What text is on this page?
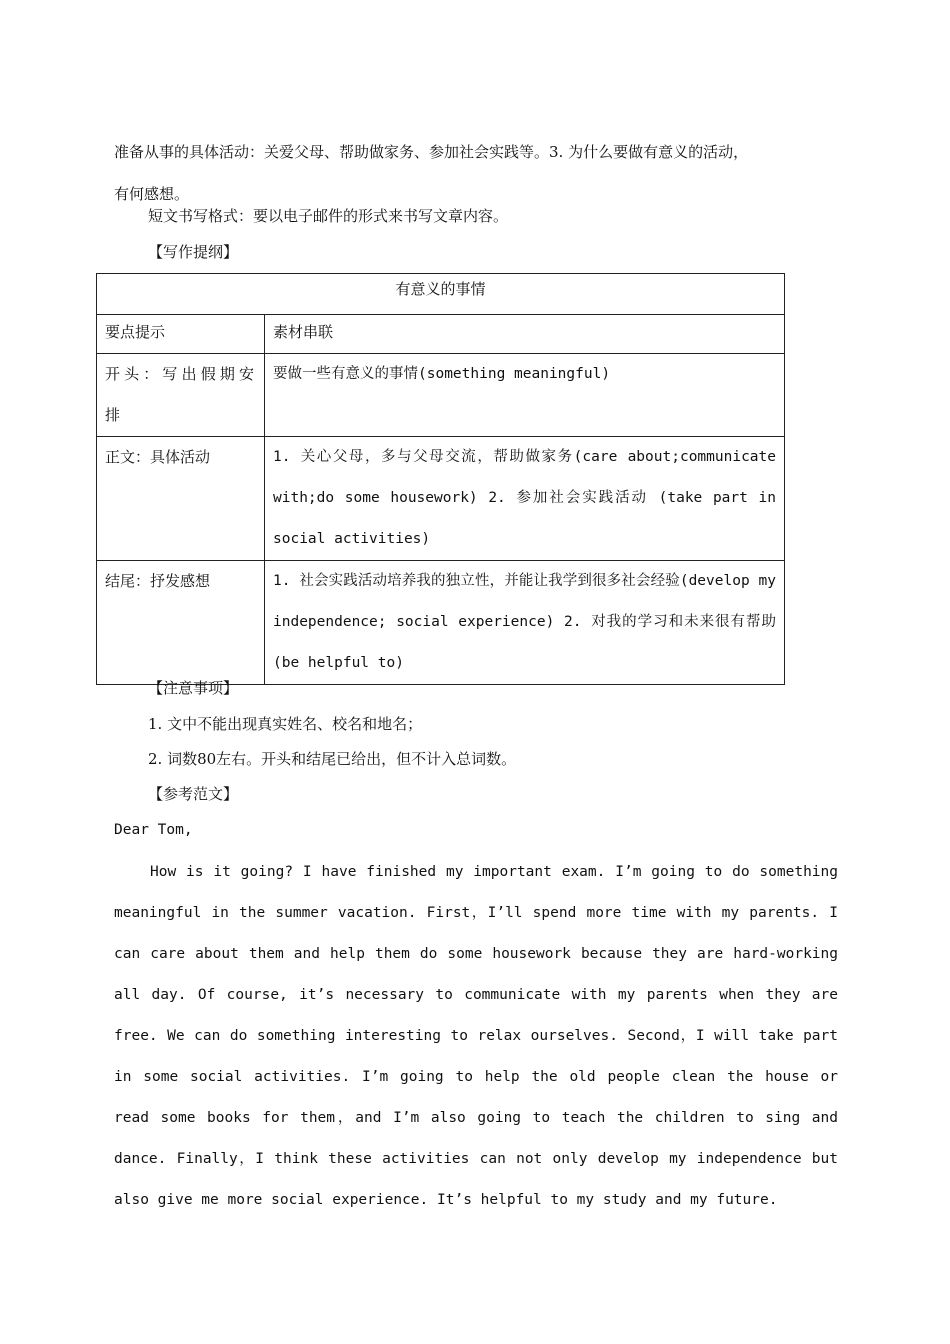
准备从事的具体活动：关爱父母、帮助做家务、参加社会实践等。3. 为什么要做有意义的活动，

有何感想。

短文书写格式：要以电子邮件的形式来书写文章内容。

【写作提纲】
有意义的事情	
要点提示	素材串联
开头：写出假期安排	要做一些有意义的事情(something meaningful)
正文：具体活动	1. 关心父母，多与父母交流，帮助做家务(care about;communicate with;do some housework) 2. 参加社会实践活动 (take part in social activities)
结尾：抒发感想	1. 社会实践活动培养我的独立性，并能让我学到很多社会经验(develop my independence; social experience) 2. 对我的学习和未来很有帮助(be helpful to)
【注意事项】
1. 文中不能出现真实姓名、校名和地名；
2. 词数80左右。开头和结尾已给出，但不计入总词数。
【参考范文】

Dear Tom,

How is it going? I have finished my important exam. I’m going to do something meaningful in the summer vacation. First，I’ll spend more time with my parents. I can care about them and help them do some housework because they are hard-working all day. Of course, it’s necessary to communicate with my parents when they are free. We can do something interesting to relax ourselves. Second，I will take part in some social activities. I’m going to help the old people clean the house or read some books for them，and I’m also going to teach the children to sing and dance. Finally，I think these activities can not only develop my independence but also give me more social experience. It’s helpful to my study and my future.
